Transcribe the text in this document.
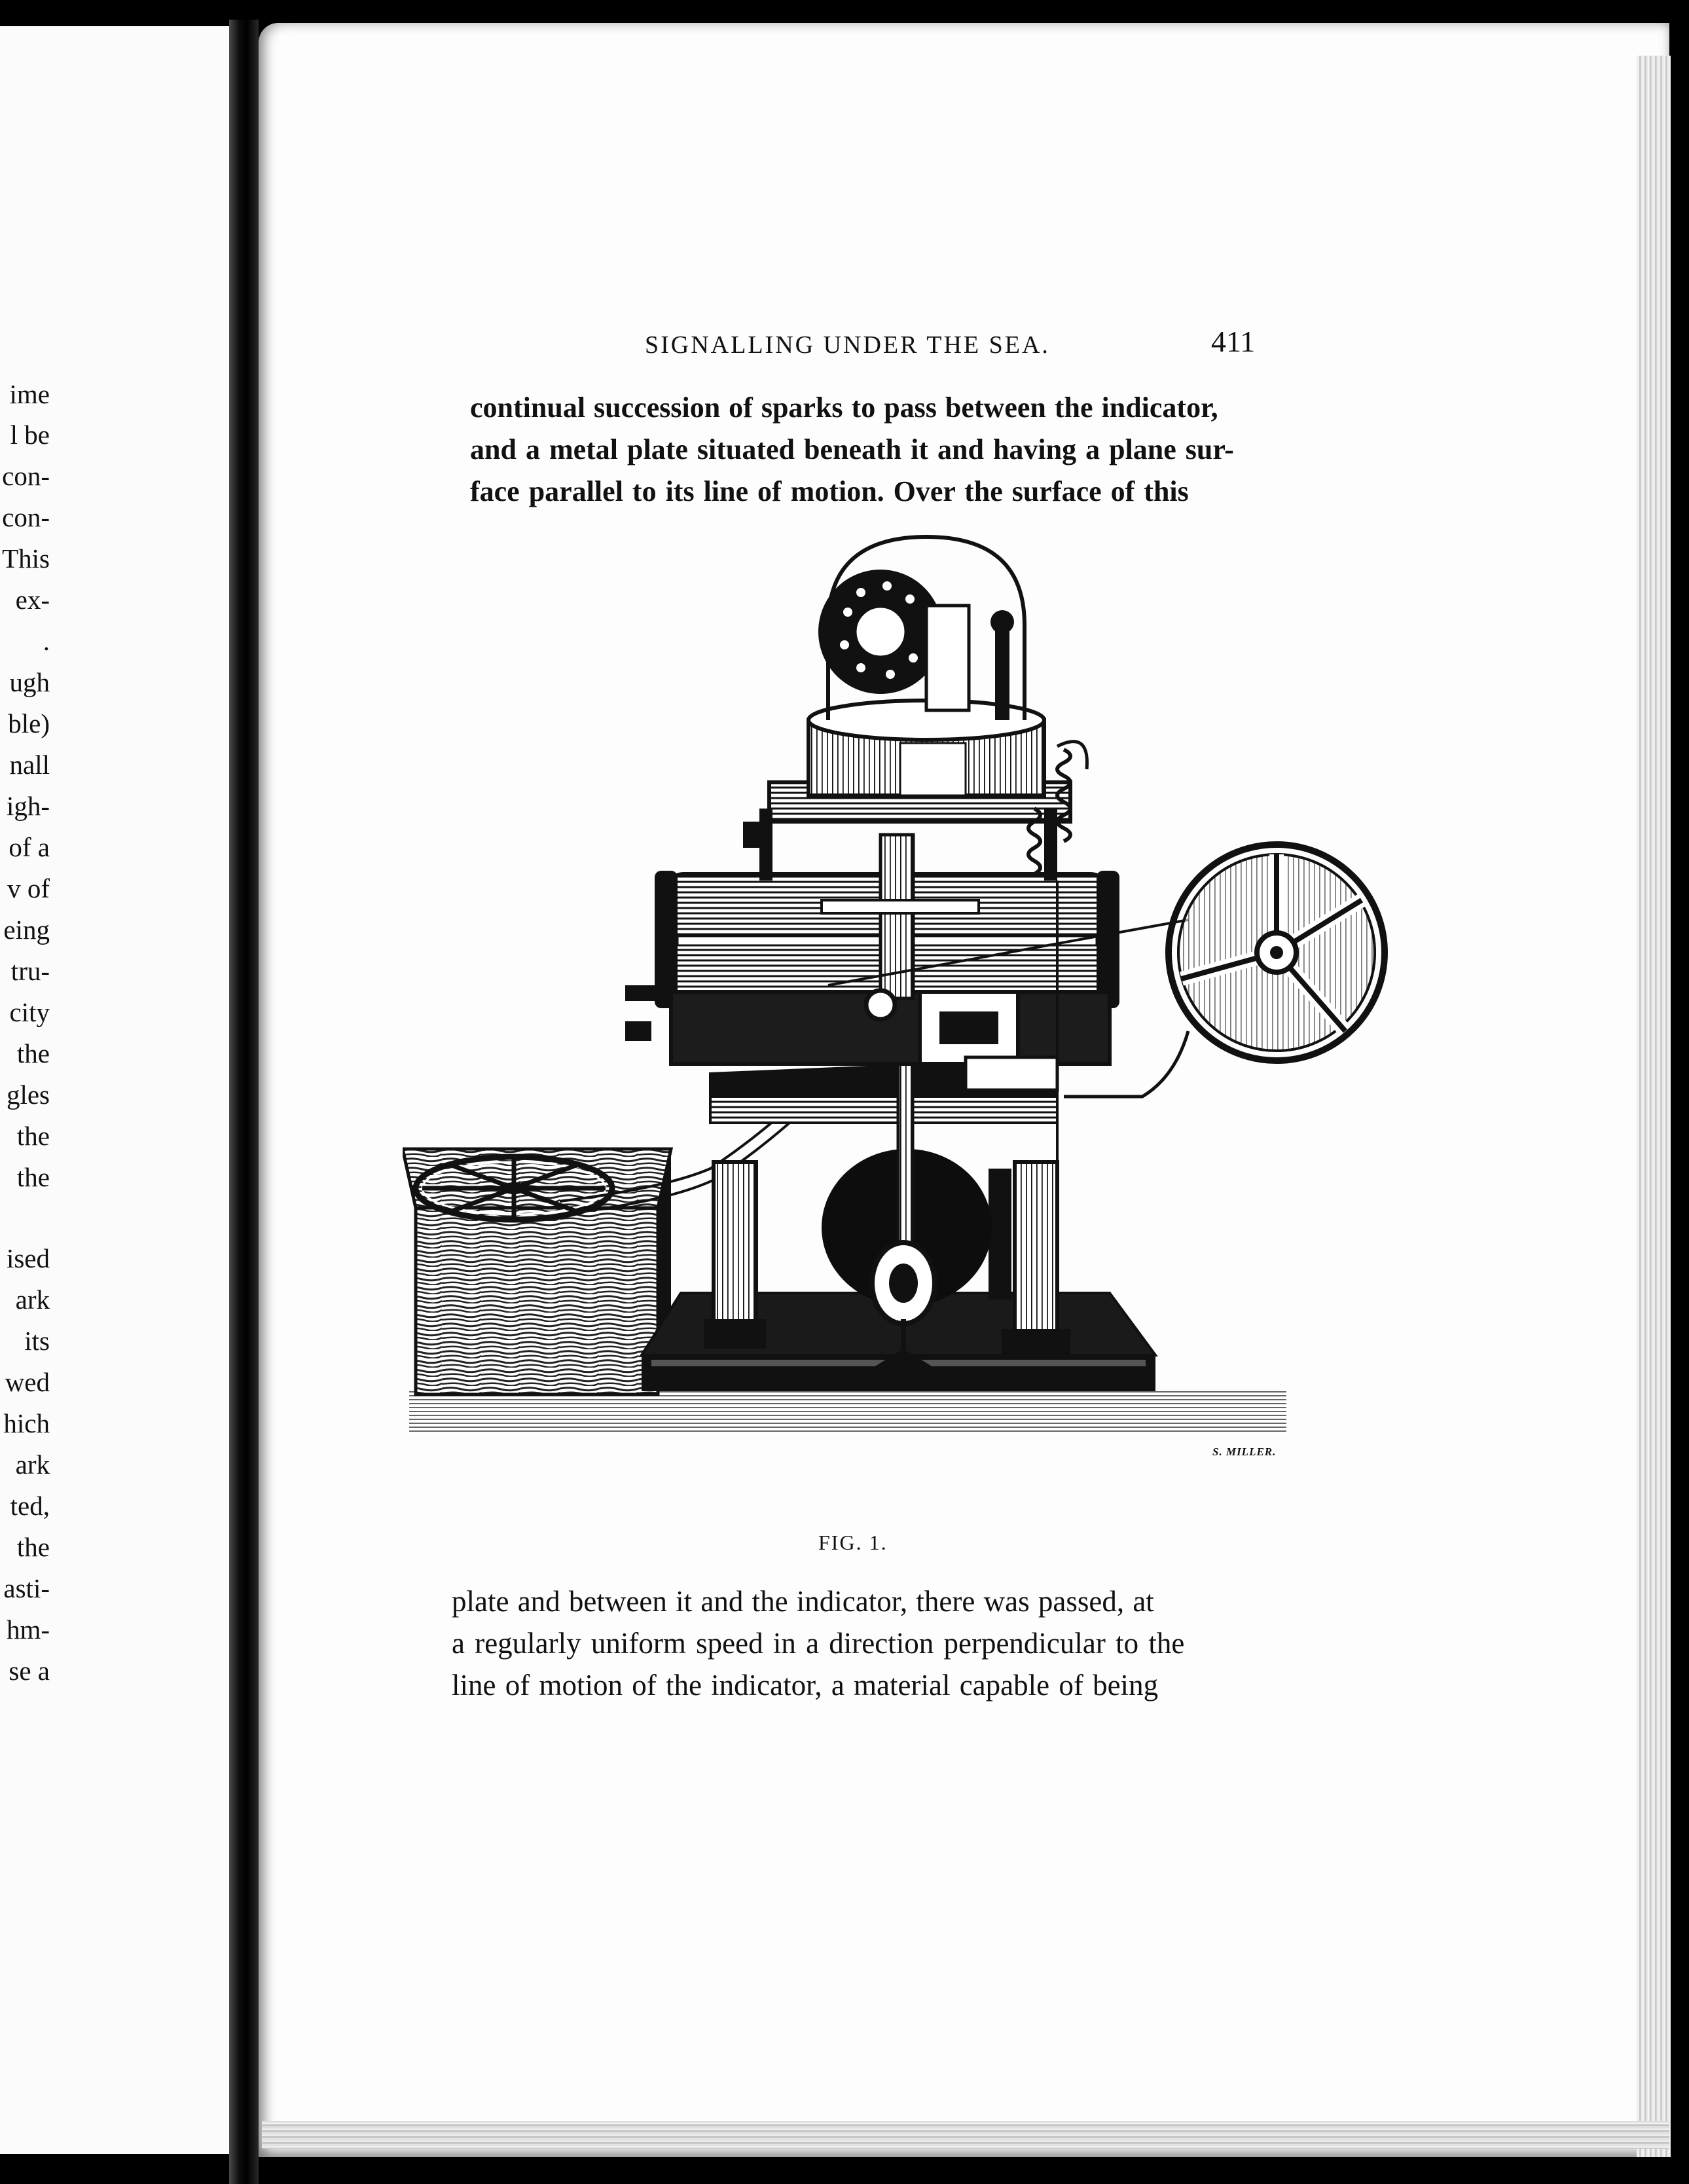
ime
l be
con-
con-
This
ex-
.
ugh
ble)
nall
igh-
of a
v of
eing
tru-
city
the
gles
the
the
ised
ark
its
wed
hich
ark
ted,
the
asti-
hm-
se a
SIGNALLING UNDER THE SEA.	411
continual succession of sparks to pass between the indicator,
and a metal plate situated beneath it and having a plane sur-
face parallel to its line of motion. Over the surface of this
S. MILLER.
FIG. 1.
plate and between it and the indicator, there was passed, at
a regularly uniform speed in a direction perpendicular to the
line of motion of the indicator, a material capable of being
